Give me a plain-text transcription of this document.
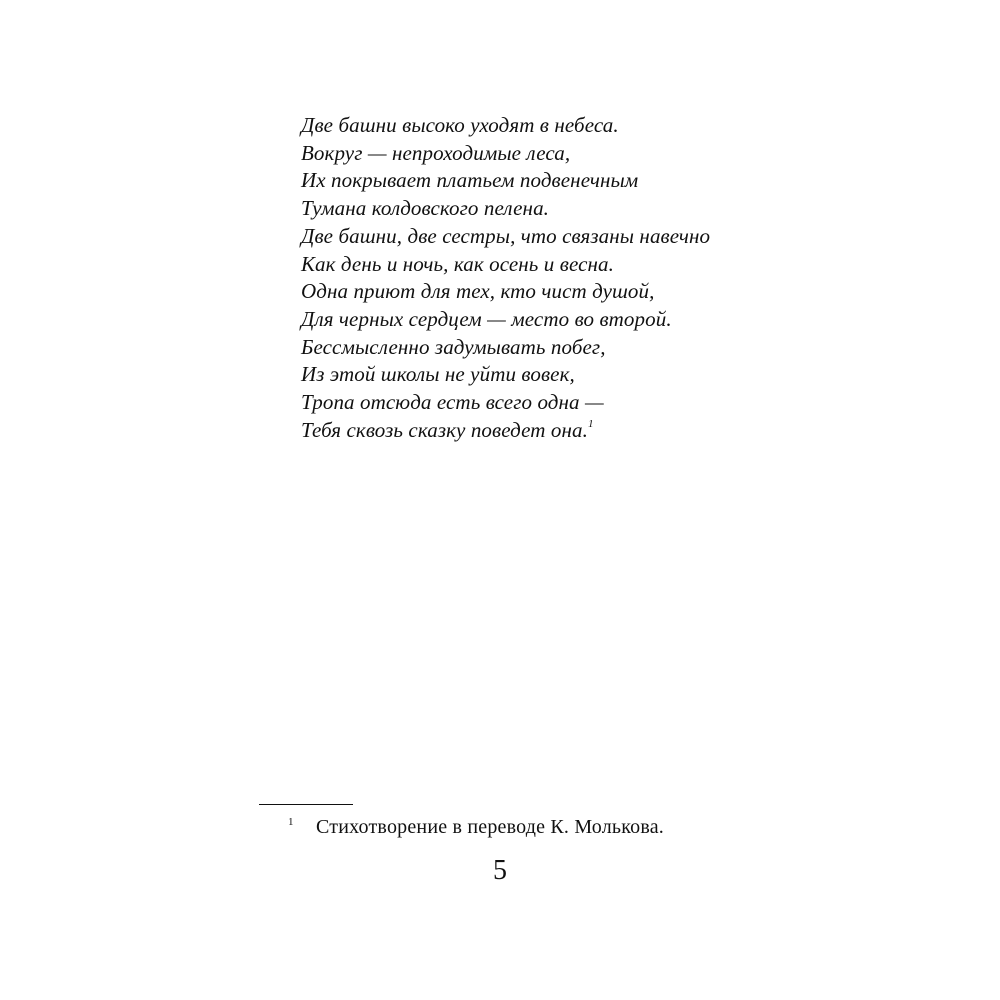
Две башни высоко уходят в небеса.
Вокруг — непроходимые леса,
Их покрывает платьем подвенечным
Тумана колдовского пелена.
Две башни, две сестры, что связаны навечно
Как день и ночь, как осень и весна.
Одна приют для тех, кто чист душой,
Для черных сердцем — место во второй.
Бессмысленно задумывать побег,
Из этой школы не уйти вовек,
Тропа отсюда есть всего одна —
Тебя сквозь сказку поведет она.$^1$
1 Стихотворение в переводе К. Молькова.
5
